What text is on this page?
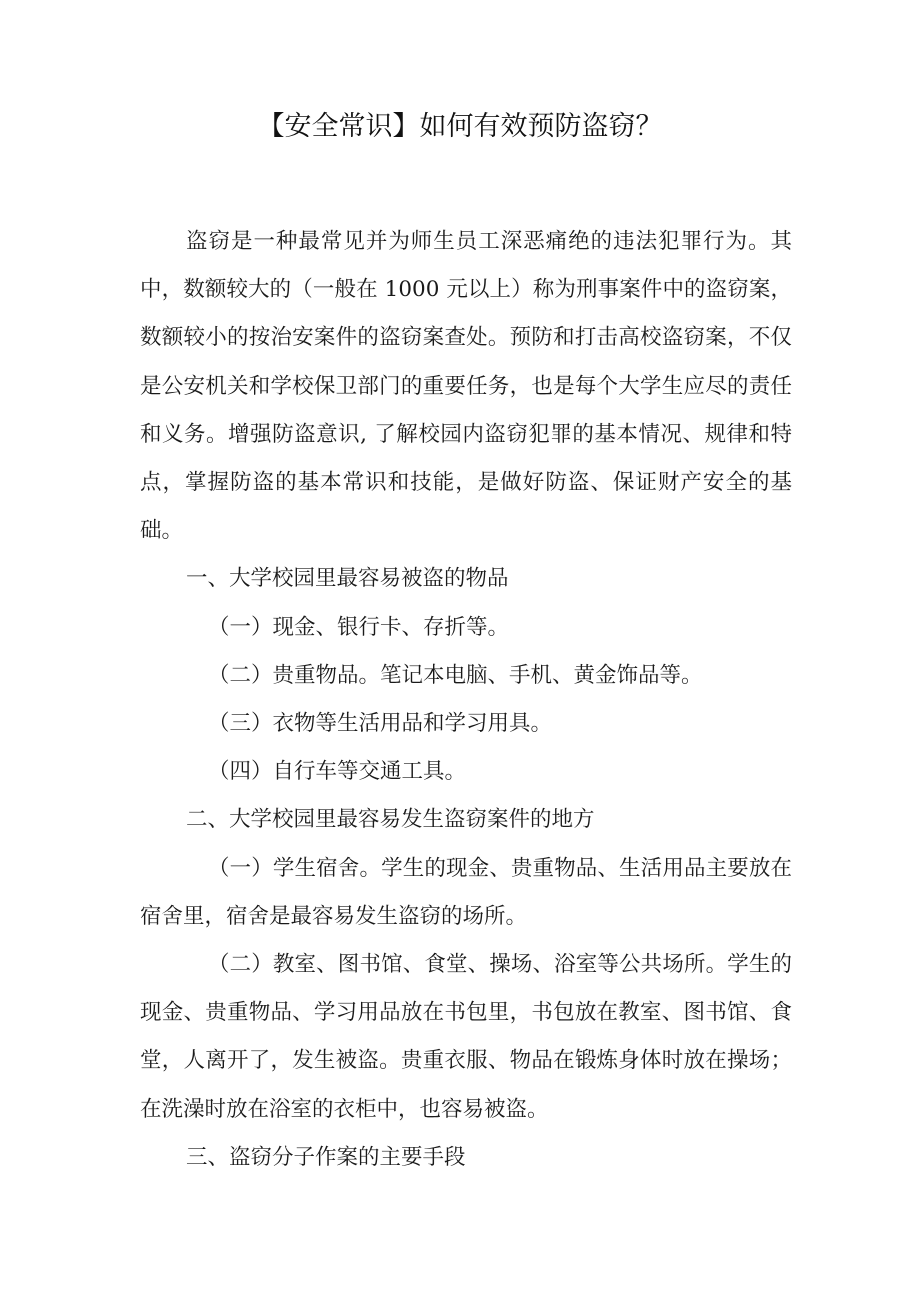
【安全常识】如何有效预防盗窃？

盗窃是一种最常见并为师生员工深恶痛绝的违法犯罪行为。其中，数额较大的（一般在 1000 元以上）称为刑事案件中的盗窃案，数额较小的按治安案件的盗窃案查处。预防和打击高校盗窃案，不仅是公安机关和学校保卫部门的重要任务，也是每个大学生应尽的责任和义务。增强防盗意识, 了解校园内盗窃犯罪的基本情况、规律和特点，掌握防盗的基本常识和技能，是做好防盗、保证财产安全的基础。

一、大学校园里最容易被盗的物品

（一）现金、银行卡、存折等。

（二）贵重物品。笔记本电脑、手机、黄金饰品等。

（三）衣物等生活用品和学习用具。

（四）自行车等交通工具。

二、大学校园里最容易发生盗窃案件的地方

（一）学生宿舍。学生的现金、贵重物品、生活用品主要放在宿舍里，宿舍是最容易发生盗窃的场所。

（二）教室、图书馆、食堂、操场、浴室等公共场所。学生的现金、贵重物品、学习用品放在书包里，书包放在教室、图书馆、食堂，人离开了，发生被盗。贵重衣服、物品在锻炼身体时放在操场；在洗澡时放在浴室的衣柜中，也容易被盗。

三、盗窃分子作案的主要手段
